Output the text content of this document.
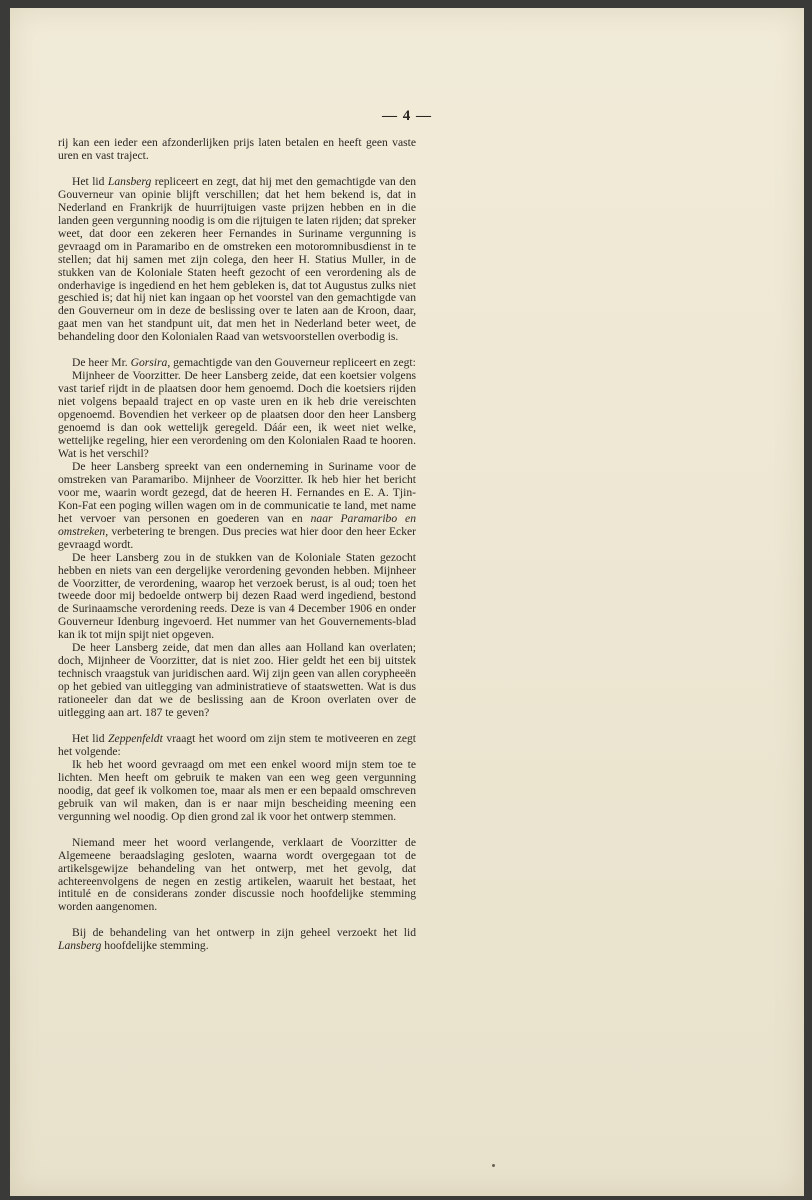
— 4 —

rij kan een ieder een afzonderlijken prijs laten betalen en heeft geen vaste uren en vast traject.

Het lid Lansberg repliceert en zegt, dat hij met den gemachtigde van den Gouverneur van opinie blijft verschillen; dat het hem bekend is, dat in Nederland en Frankrijk de huurrijtuigen vaste prijzen hebben en in die landen geen vergunning noodig is om die rijtuigen te laten rijden; dat spreker weet, dat door een zekeren heer Fernandes in Suriname vergunning is gevraagd om in Paramaribo en de omstreken een motoromnibusdienst in te stellen; dat hij samen met zijn colega, den heer H. Statius Muller, in de stukken van de Koloniale Staten heeft gezocht of een verordening als de onderhavige is ingediend en het hem gebleken is, dat tot Augustus zulks niet geschied is; dat hij niet kan ingaan op het voorstel van den gemachtigde van den Gouverneur om in deze de beslissing over te laten aan de Kroon, daar, gaat men van het standpunt uit, dat men het in Nederland beter weet, de behandeling door den Kolonialen Raad van wetsvoorstellen overbodig is.

De heer Mr. Gorsira, gemachtigde van den Gouverneur repliceert en zegt:

Mijnheer de Voorzitter. De heer Lansberg zeide, dat een koetsier volgens vast tarief rijdt in de plaatsen door hem genoemd. Doch die koetsiers rijden niet volgens bepaald traject en op vaste uren en ik heb drie vereischten opgenoemd. Bovendien het verkeer op de plaatsen door den heer Lansberg genoemd is dan ook wettelijk geregeld. Dáár een, ik weet niet welke, wettelijke regeling, hier een verordening om den Kolonialen Raad te hooren. Wat is het verschil?

De heer Lansberg spreekt van een onderneming in Suriname voor de omstreken van Paramaribo. Mijnheer de Voorzitter. Ik heb hier het bericht voor me, waarin wordt gezegd, dat de heeren H. Fernandes en E. A. Tjin-Kon-Fat een poging willen wagen om in de communicatie te land, met name het vervoer van personen en goederen van en naar Paramaribo en omstreken, verbetering te brengen. Dus precies wat hier door den heer Ecker gevraagd wordt.

De heer Lansberg zou in de stukken van de Koloniale Staten gezocht hebben en niets van een dergelijke verordening gevonden hebben. Mijnheer de Voorzitter, de verordening, waarop het verzoek berust, is al oud; toen het tweede door mij bedoelde ontwerp bij dezen Raad werd ingediend, bestond de Surinaamsche verordening reeds. Deze is van 4 December 1906 en onder Gouverneur Idenburg ingevoerd. Het nummer van het Gouvernements-blad kan ik tot mijn spijt niet opgeven.

De heer Lansberg zeide, dat men dan alles aan Holland kan overlaten; doch, Mijnheer de Voorzitter, dat is niet zoo. Hier geldt het een bij uitstek technisch vraagstuk van juridischen aard. Wij zijn geen van allen corypheeën op het gebied van uitlegging van administratieve of staatswetten. Wat is dus rationeeler dan dat we de beslissing aan de Kroon overlaten over de uitlegging aan art. 187 te geven?

Het lid Zeppenfeldt vraagt het woord om zijn stem te motiveeren en zegt het volgende:

Ik heb het woord gevraagd om met een enkel woord mijn stem toe te lichten. Men heeft om gebruik te maken van een weg geen vergunning noodig, dat geef ik volkomen toe, maar als men er een bepaald omschreven gebruik van wil maken, dan is er naar mijn bescheiding meening een vergunning wel noodig. Op dien grond zal ik voor het ontwerp stemmen.

Niemand meer het woord verlangende, verklaart de Voorzitter de Algemeene beraadslaging gesloten, waarna wordt overgegaan tot de artikelsgewijze behandeling van het ontwerp, met het gevolg, dat achtereenvolgens de negen en zestig artikelen, waaruit het bestaat, het intitulé en de considerans zonder discussie noch hoofdelijke stemming worden aangenomen.

Bij de behandeling van het ontwerp in zijn geheel verzoekt het lid Lansberg hoofdelijke stemming.
